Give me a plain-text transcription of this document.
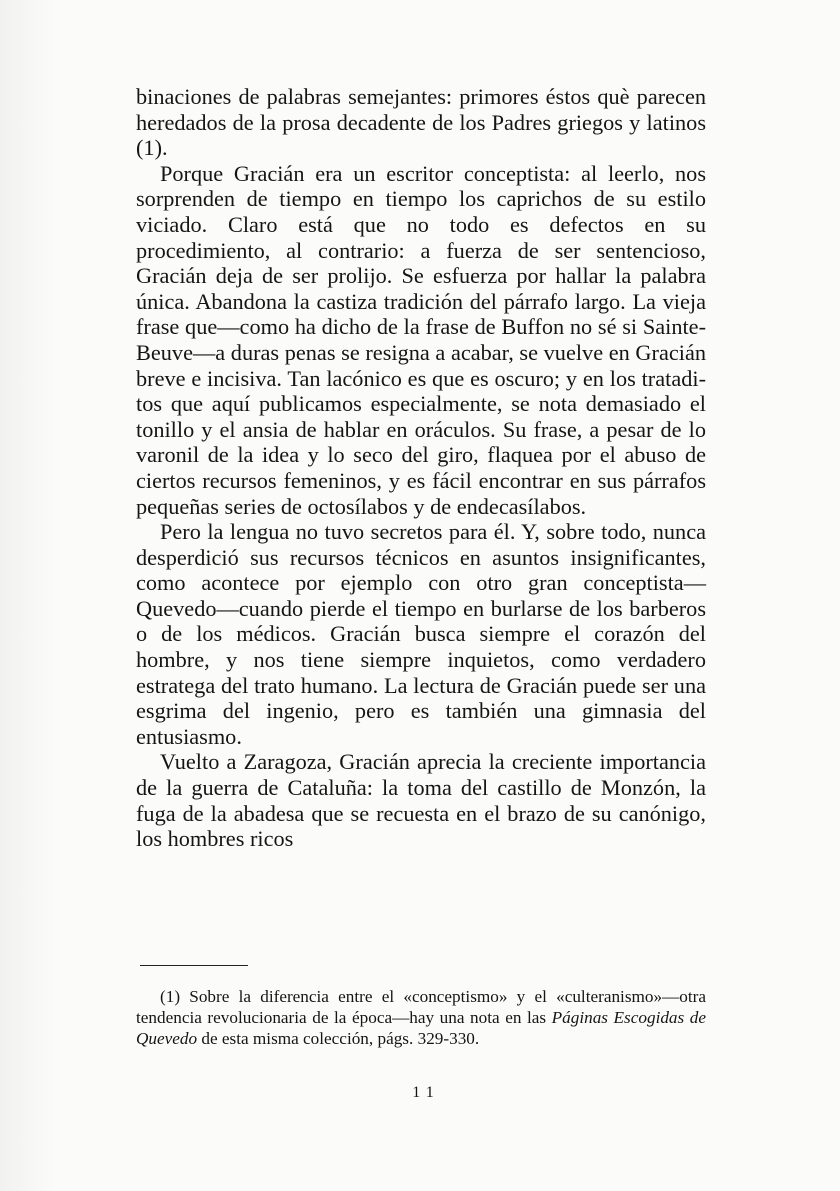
binaciones de palabras semejantes: primores éstos què parecen heredados de la prosa decadente de los Padres griegos y latinos (1).

Porque Gracián era un escritor conceptista: al leerlo, nos sorprenden de tiempo en tiempo los caprichos de su estilo viciado. Claro está que no todo es defectos en su procedimiento, al contrario: a fuerza de ser sentencioso, Gracián deja de ser prolijo. Se esfuerza por hallar la palabra única. Abandona la castiza tradición del párrafo largo. La vieja frase que—como ha dicho de la frase de Buffon no sé si Sainte-Beuve—a duras penas se resigna a acabar, se vuelve en Gracián breve e incisiva. Tan lacónico es que es oscuro; y en los trataditos que aquí publicamos especialmente, se nota demasiado el tonillo y el ansia de hablar en oráculos. Su frase, a pesar de lo varonil de la idea y lo seco del giro, flaquea por el abuso de ciertos recursos femeninos, y es fácil encontrar en sus párrafos pequeñas series de octosílabos y de endecasílabos.

Pero la lengua no tuvo secretos para él. Y, sobre todo, nunca desperdició sus recursos técnicos en asuntos insignificantes, como acontece por ejemplo con otro gran conceptista—Quevedo—cuando pierde el tiempo en burlarse de los barberos o de los médicos. Gracián busca siempre el corazón del hombre, y nos tiene siempre inquietos, como verdadero estratega del trato humano. La lectura de Gracián puede ser una esgrima del ingenio, pero es también una gimnasia del entusiasmo.

Vuelto a Zaragoza, Gracián aprecia la creciente importancia de la guerra de Cataluña: la toma del castillo de Monzón, la fuga de la abadesa que se recuesta en el brazo de su canónigo, los hombres ricos

(1) Sobre la diferencia entre el «conceptismo» y el «culteranismo»—otra tendencia revolucionaria de la época—hay una nota en las Páginas Escogidas de Quevedo de esta misma colección, págs. 329-330.

11
